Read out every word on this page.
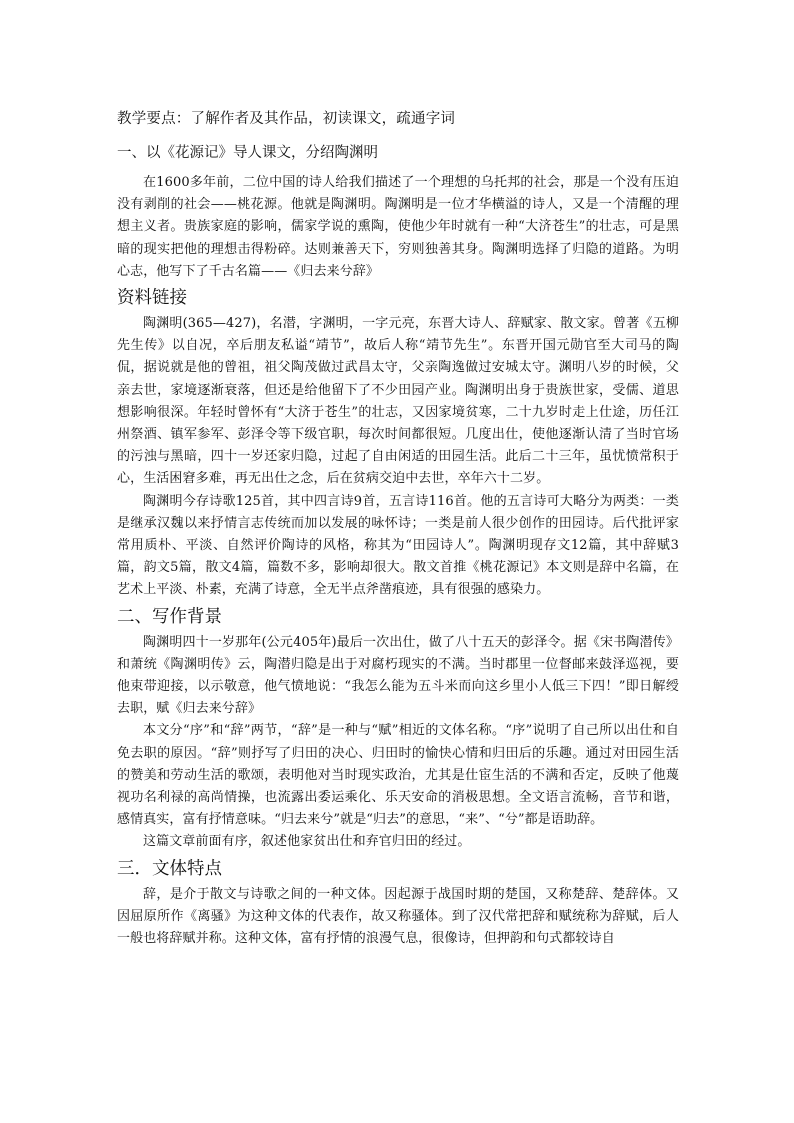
教学要点：了解作者及其作品，初读课文，疏通字词
一、以《花源记》导人课文，分绍陶渊明

在1600多年前，二位中国的诗人给我们描述了一个理想的乌托邦的社会，那是一个没有压迫没有剥削的社会——桃花源。他就是陶渊明。陶渊明是一位才华横溢的诗人，又是一个清醒的理想主义者。贵族家庭的影响，儒家学说的熏陶，使他少年时就有一种“大济苍生”的壮志，可是黑暗的现实把他的理想击得粉碎。达则兼善天下，穷则独善其身。陶渊明选择了归隐的道路。为明心志，他写下了千古名篇——《归去来兮辞》

资料链接

陶渊明(365—427)，名潜，字渊明，一字元亮，东晋大诗人、辞赋家、散文家。曾著《五柳先生传》以自况，卒后朋友私谥“靖节”，故后人称“靖节先生”。东晋开国元勋官至大司马的陶侃，据说就是他的曾祖，祖父陶茂做过武昌太守，父亲陶逸做过安城太守。渊明八岁的时候，父亲去世，家境逐渐衰落，但还是给他留下了不少田园产业。陶渊明出身于贵族世家，受儒、道思想影响很深。年轻时曾怀有“大济于苍生”的壮志，又因家境贫寒，二十九岁时走上仕途，历任江州祭酒、镇军参军、彭泽令等下级官职，每次时间都很短。几度出仕，使他逐渐认清了当时官场的污浊与黑暗，四十一岁还家归隐，过起了自由闲适的田园生活。此后二十三年，虽忧愤常积于心，生活困窘多难，再无出仕之念，后在贫病交迫中去世，卒年六十二岁。

陶渊明今存诗歌125首，其中四言诗9首，五言诗116首。他的五言诗可大略分为两类：一类是继承汉魏以来抒情言志传统而加以发展的咏怀诗；一类是前人很少创作的田园诗。后代批评家常用质朴、平淡、自然评价陶诗的风格，称其为“田园诗人”。陶渊明现存文12篇，其中辞赋3篇，韵文5篇，散文4篇，篇数不多，影响却很大。散文首推《桃花源记》本文则是辞中名篇，在艺术上平淡、朴素，充满了诗意，全无半点斧凿痕迹，具有很强的感染力。

二、写作背景

陶渊明四十一岁那年(公元405年)最后一次出仕，做了八十五天的彭泽令。据《宋书陶潜传》和萧统《陶渊明传》云，陶潜归隐是出于对腐朽现实的不满。当时郡里一位督邮来鼓泽巡视，要他束带迎接，以示敬意，他气愤地说：“我怎么能为五斗米而向这乡里小人低三下四！”即日解绶去职，赋《归去来兮辞》

本文分“序”和“辞”两节，“辞”是一种与“赋”相近的文体名称。“序”说明了自己所以出仕和自免去职的原因。“辞”则抒写了归田的决心、归田时的愉快心情和归田后的乐趣。通过对田园生活的赞美和劳动生活的歌颂，表明他对当时现实政治，尤其是仕宦生活的不满和否定，反映了他蔑视功名利禄的高尚情操，也流露出委运乘化、乐天安命的消极思想。全文语言流畅，音节和谐，感情真实，富有抒情意味。“归去来兮”就是“归去”的意思，“来”、“兮”都是语助辞。

这篇文章前面有序，叙述他家贫出仕和弃官归田的经过。

三．文体特点

辞，是介于散文与诗歌之间的一种文体。因起源于战国时期的楚国，又称楚辞、楚辞体。又因屈原所作《离骚》为这种文体的代表作，故又称骚体。到了汉代常把辞和赋统称为辞赋，后人一般也将辞赋并称。这种文体，富有抒情的浪漫气息，很像诗，但押韵和句式都较诗自
